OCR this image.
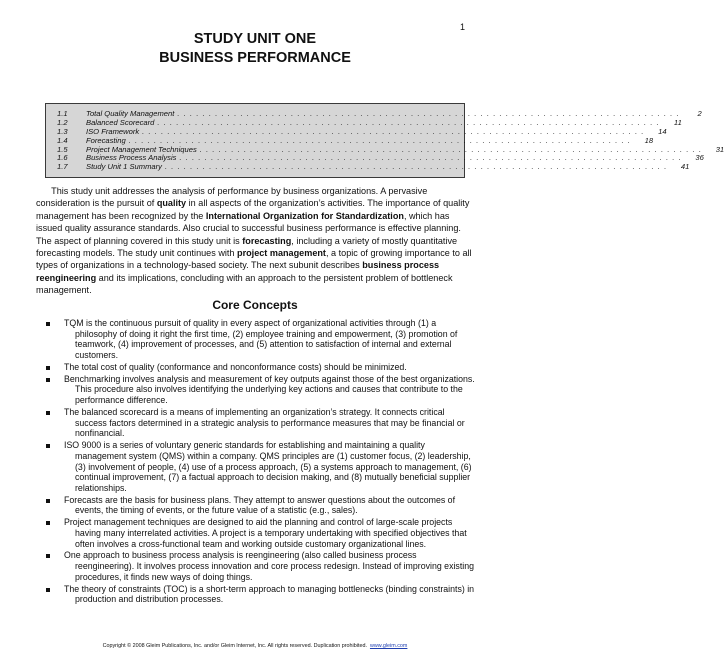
1
STUDY UNIT ONE
BUSINESS PERFORMANCE
1.1	Total Quality Management . . . . . . . . . . . . . . . . . . . . . . . . . . . . . . . . . . . . . . . . . . . . . . . . . . . . . . . . . . . . . . . . . . . . . . . . . . . . . . . .	2
1.2	Balanced Scorecard . . . . . . . . . . . . . . . . . . . . . . . . . . . . . . . . . . . . . . . . . . . . . . . . . . . . . . . . . . . . . . . . . . . . . . . . . . . . . . . .	11
1.3	ISO Framework . . . . . . . . . . . . . . . . . . . . . . . . . . . . . . . . . . . . . . . . . . . . . . . . . . . . . . . . . . . . . . . . . . . . . . . . . . . . . . . .	14
1.4	Forecasting . . . . . . . . . . . . . . . . . . . . . . . . . . . . . . . . . . . . . . . . . . . . . . . . . . . . . . . . . . . . . . . . . . . . . . . . . . . . . . . .	18
1.5	Project Management Techniques . . . . . . . . . . . . . . . . . . . . . . . . . . . . . . . . . . . . . . . . . . . . . . . . . . . . . . . . . . . . . . . . . . . . . . . . . . . . . . . .	31
1.6	Business Process Analysis . . . . . . . . . . . . . . . . . . . . . . . . . . . . . . . . . . . . . . . . . . . . . . . . . . . . . . . . . . . . . . . . . . . . . . . . . . . . . . . .	36
1.7	Study Unit 1 Summary . . . . . . . . . . . . . . . . . . . . . . . . . . . . . . . . . . . . . . . . . . . . . . . . . . . . . . . . . . . . . . . . . . . . . . . . . . . . . . . .	41

This study unit addresses the analysis of performance by business organizations. A pervasive consideration is the pursuit of quality in all aspects of the organization’s activities. The importance of quality management has been recognized by the International Organization for Standardization, which has issued quality assurance standards. Also crucial to successful business performance is effective planning. The aspect of planning covered in this study unit is forecasting, including a variety of mostly quantitative forecasting models. The study unit continues with project management, a topic of growing importance to all types of organizations in a technology-based society. The next subunit describes business process reengineering and its implications, concluding with an approach to the persistent problem of bottleneck management.

Core Concepts
TQM is the continuous pursuit of quality in every aspect of organizational activities through (1) a philosophy of doing it right the first time, (2) employee training and empowerment, (3) promotion of teamwork, (4) improvement of processes, and (5) attention to satisfaction of internal and external customers.
The total cost of quality (conformance and nonconformance costs) should be minimized.
Benchmarking involves analysis and measurement of key outputs against those of the best organizations. This procedure also involves identifying the underlying key actions and causes that contribute to the performance difference.
The balanced scorecard is a means of implementing an organization’s strategy. It connects critical success factors determined in a strategic analysis to performance measures that may be financial or nonfinancial.
ISO 9000 is a series of voluntary generic standards for establishing and maintaining a quality management system (QMS) within a company. QMS principles are (1) customer focus, (2) leadership, (3) involvement of people, (4) use of a process approach, (5) a systems approach to management, (6) continual improvement, (7) a factual approach to decision making, and (8) mutually beneficial supplier relationships.
Forecasts are the basis for business plans. They attempt to answer questions about the outcomes of events, the timing of events, or the future value of a statistic (e.g., sales).
Project management techniques are designed to aid the planning and control of large-scale projects having many interrelated activities. A project is a temporary undertaking with specified objectives that often involves a cross-functional team and working outside customary organizational lines.
One approach to business process analysis is reengineering (also called business process reengineering). It involves process innovation and core process redesign. Instead of improving existing procedures, it finds new ways of doing things.
The theory of constraints (TOC) is a short-term approach to managing bottlenecks (binding constraints) in production and distribution processes.
Copyright © 2008 Gleim Publications, Inc. and/or Gleim Internet, Inc. All rights reserved. Duplication prohibited. www.gleim.com
